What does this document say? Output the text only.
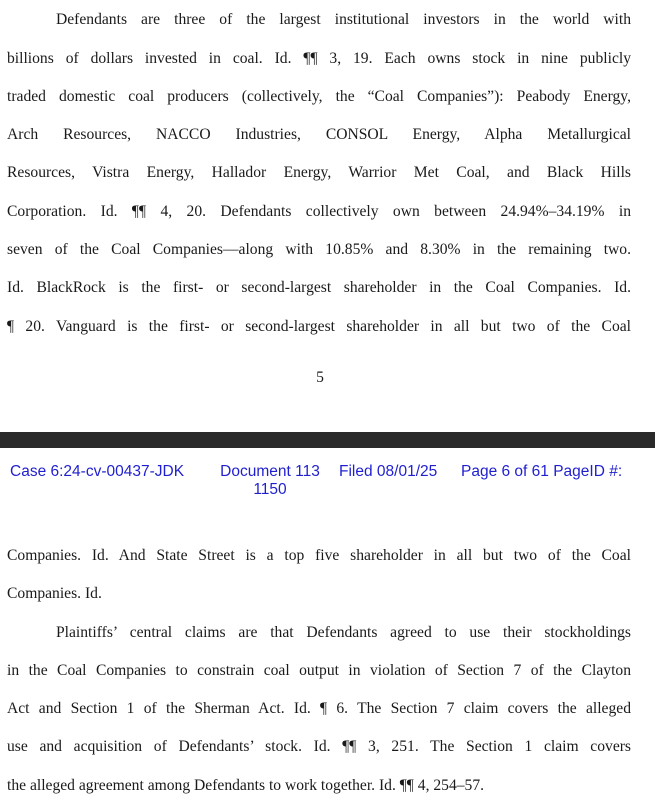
Defendants are three of the largest institutional investors in the world with
billions of dollars invested in coal. Id. ¶¶ 3, 19. Each owns stock in nine publicly
traded domestic coal producers (collectively, the “Coal Companies”): Peabody Energy,
Arch Resources, NACCO Industries, CONSOL Energy, Alpha Metallurgical
Resources, Vistra Energy, Hallador Energy, Warrior Met Coal, and Black Hills
Corporation. Id. ¶¶ 4, 20. Defendants collectively own between 24.94%–34.19% in
seven of the Coal Companies—along with 10.85% and 8.30% in the remaining two.
Id. BlackRock is the first- or second-largest shareholder in the Coal Companies. Id.
¶ 20. Vanguard is the first- or second-largest shareholder in all but two of the Coal
5
Case 6:24-cv-00437-JDK	Document 113
1150
Filed 08/01/25 Page 6 of 61 PageID #:
Companies. Id. And State Street is a top five shareholder in all but two of the Coal
Companies. Id.
Plaintiffs’ central claims are that Defendants agreed to use their stockholdings
in the Coal Companies to constrain coal output in violation of Section 7 of the Clayton
Act and Section 1 of the Sherman Act. Id. ¶ 6. The Section 7 claim covers the alleged
use and acquisition of Defendants’ stock. Id. ¶¶ 3, 251. The Section 1 claim covers
the alleged agreement among Defendants to work together. Id. ¶¶ 4, 254–57.
